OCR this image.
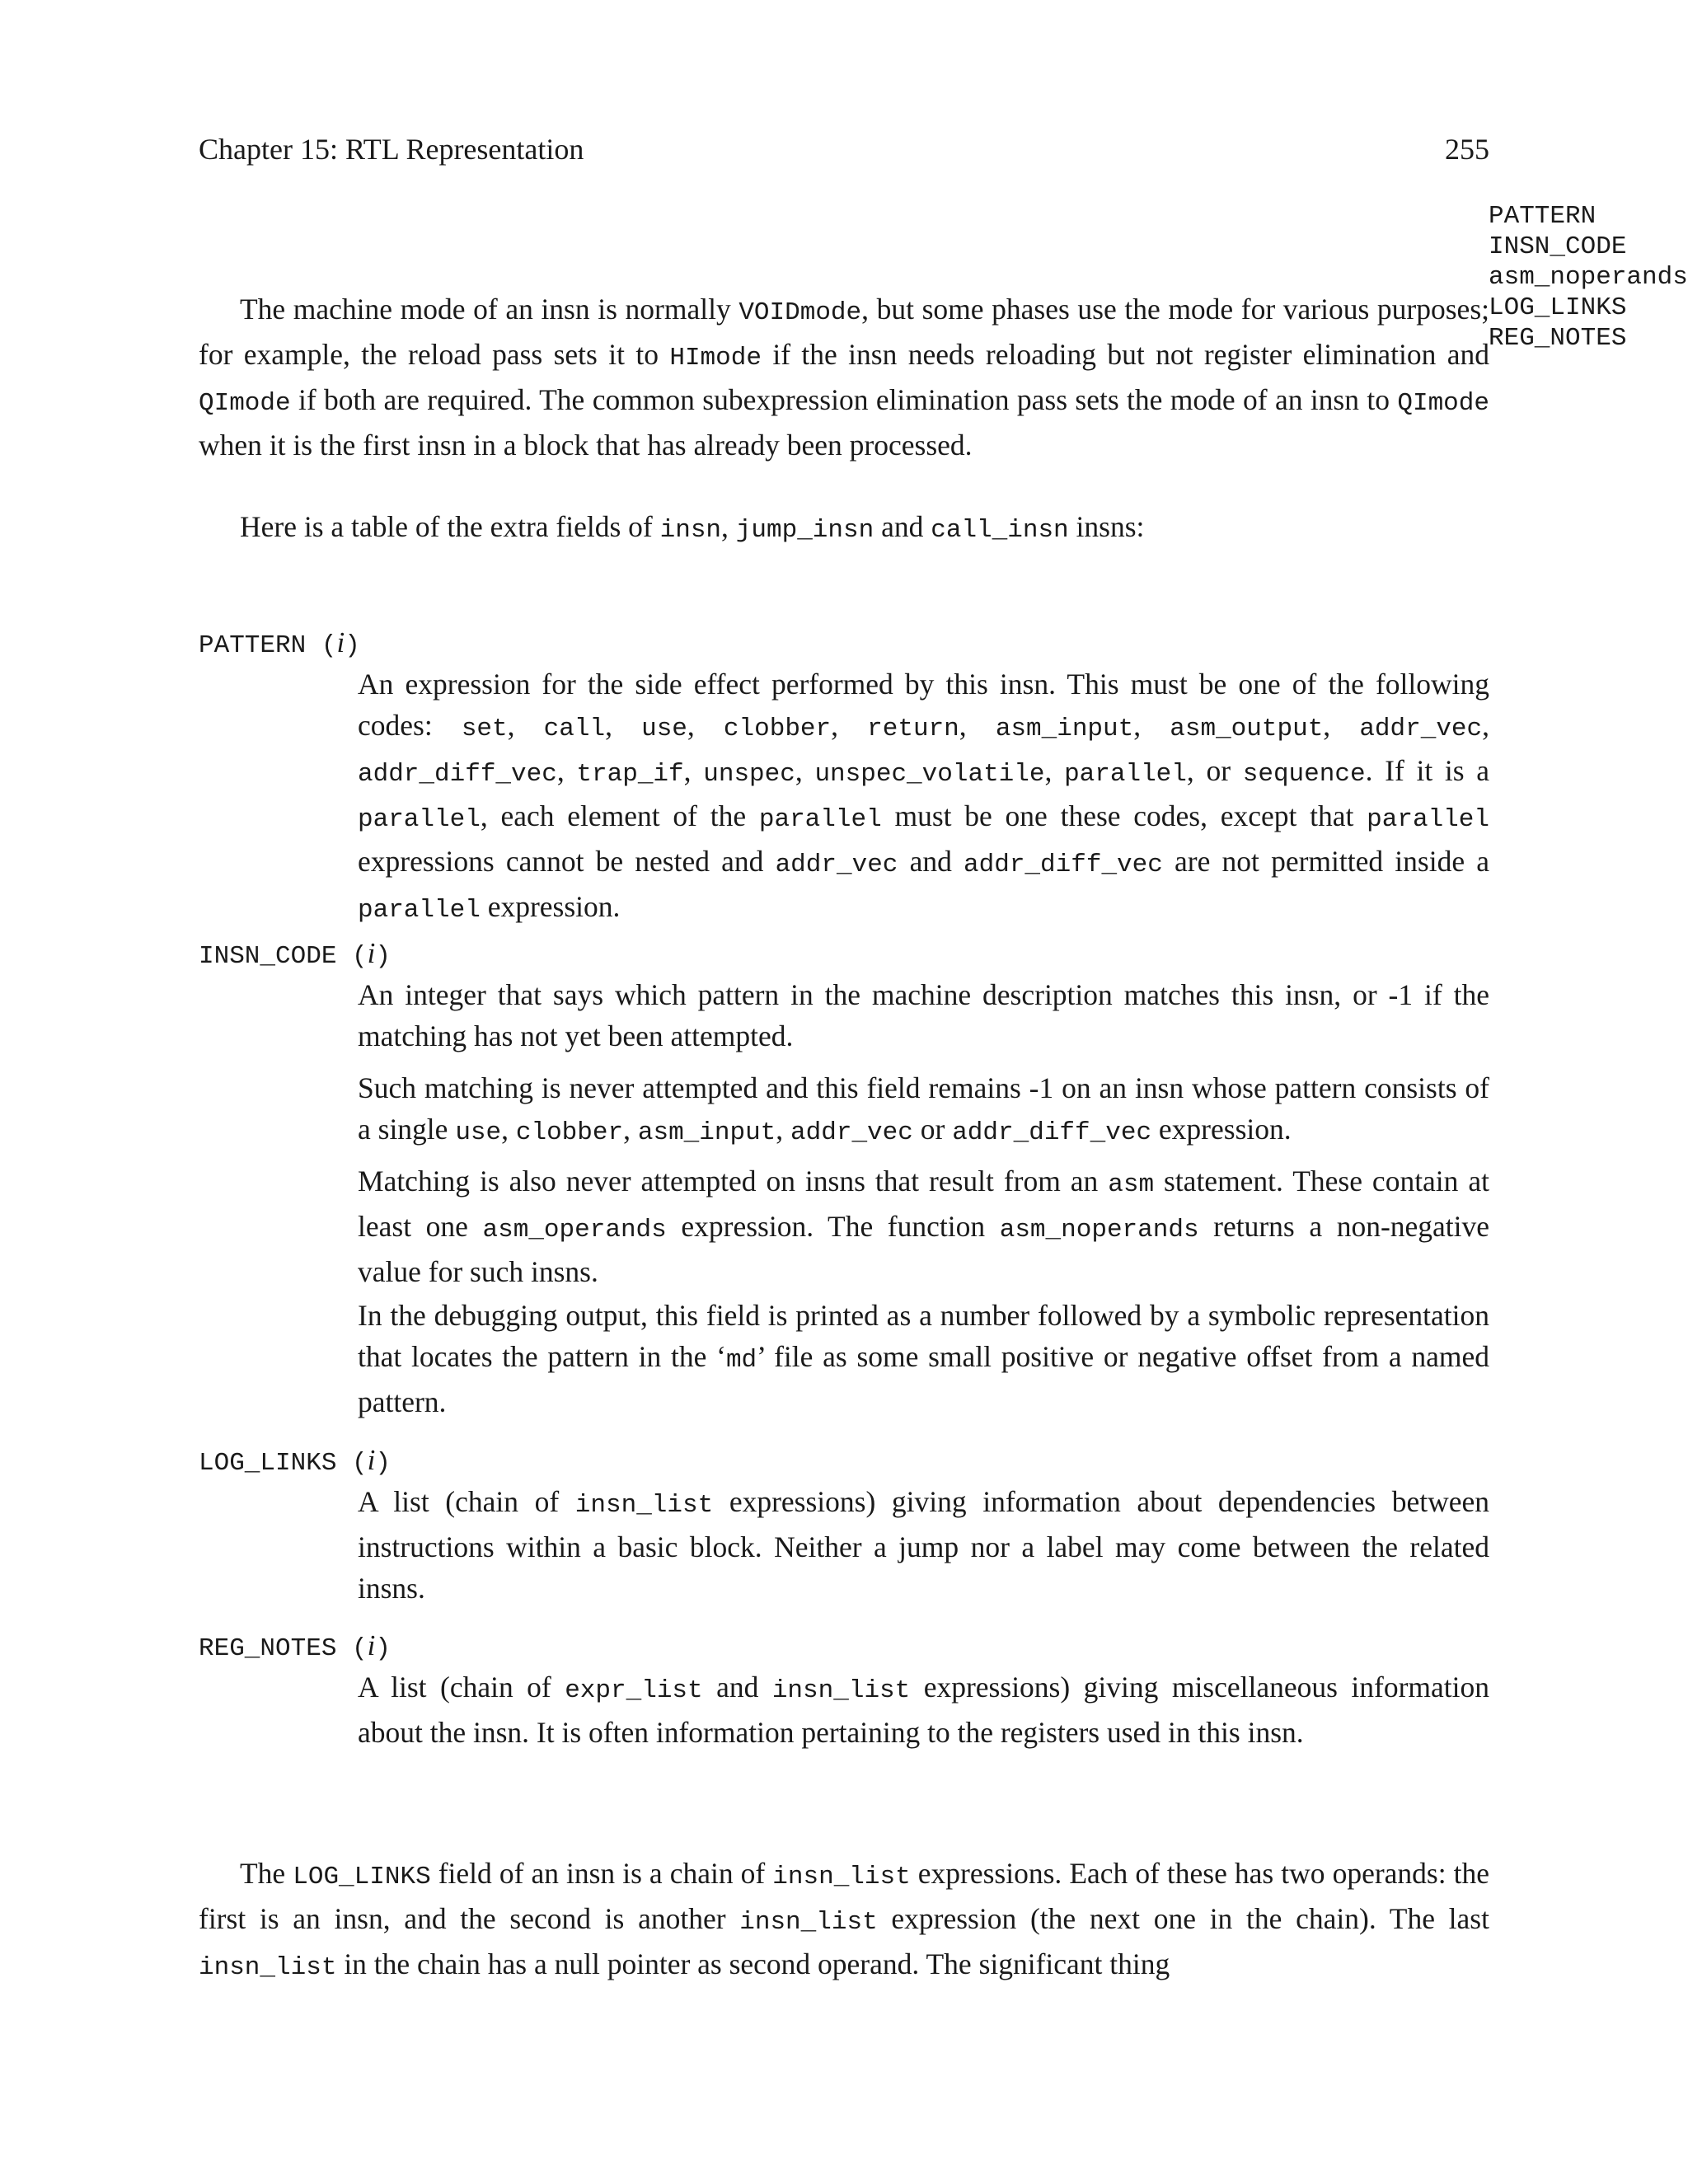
Chapter 15: RTL Representation	255
PATTERN
INSN_CODE
asm_noperands
LOG_LINKS
REG_NOTES

The machine mode of an insn is normally VOIDmode, but some phases use the mode for various purposes; for example, the reload pass sets it to HImode if the insn needs reloading but not register elimination and QImode if both are required. The common subexpression elimination pass sets the mode of an insn to QImode when it is the first insn in a block that has already been processed.

Here is a table of the extra fields of insn, jump_insn and call_insn insns:

PATTERN (i)

An expression for the side effect performed by this insn. This must be one of the following codes: set, call, use, clobber, return, asm_input, asm_output, addr_vec, addr_diff_vec, trap_if, unspec, unspec_volatile, parallel, or sequence. If it is a parallel, each element of the parallel must be one these codes, except that parallel expressions cannot be nested and addr_vec and addr_diff_vec are not permitted inside a parallel expression.

INSN_CODE (i)

An integer that says which pattern in the machine description matches this insn, or -1 if the matching has not yet been attempted.

Such matching is never attempted and this field remains -1 on an insn whose pattern consists of a single use, clobber, asm_input, addr_vec or addr_diff_vec expression.

Matching is also never attempted on insns that result from an asm statement. These contain at least one asm_operands expression. The function asm_noperands returns a non-negative value for such insns.

In the debugging output, this field is printed as a number followed by a symbolic representation that locates the pattern in the ‘md’ file as some small positive or negative offset from a named pattern.

LOG_LINKS (i)

A list (chain of insn_list expressions) giving information about dependencies between instructions within a basic block. Neither a jump nor a label may come between the related insns.

REG_NOTES (i)

A list (chain of expr_list and insn_list expressions) giving miscellaneous information about the insn. It is often information pertaining to the registers used in this insn.

The LOG_LINKS field of an insn is a chain of insn_list expressions. Each of these has two operands: the first is an insn, and the second is another insn_list expression (the next one in the chain). The last insn_list in the chain has a null pointer as second operand. The significant thing
